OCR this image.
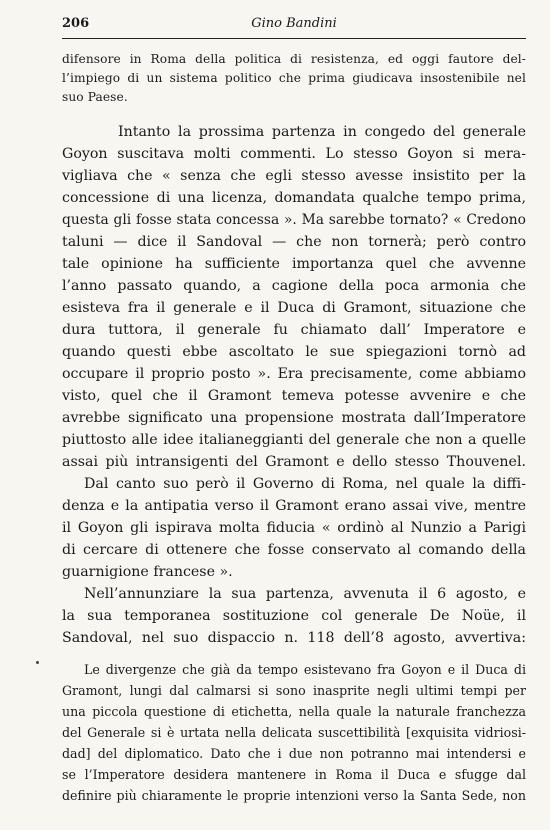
206	Gino Bandini
difensore in Roma della politica di resistenza, ed oggi fautore del-
l’impiego di un sistema politico che prima giudicava insostenibile nel
suo Paese.
Intanto la prossima partenza in congedo del generale
Goyon suscitava molti commenti. Lo stesso Goyon si mera-
vigliava che « senza che egli stesso avesse insistito per la
concessione di una licenza, domandata qualche tempo prima,
questa gli fosse stata concessa ». Ma sarebbe tornato? « Credono
taluni — dice il Sandoval — che non tornerà; però contro
tale opinione ha sufficiente importanza quel che avvenne
l’anno passato quando, a cagione della poca armonia che
esisteva fra il generale e il Duca di Gramont, situazione che
dura tuttora, il generale fu chiamato dall’ Imperatore e
quando questi ebbe ascoltato le sue spiegazioni tornò ad
occupare il proprio posto ». Era precisamente, come abbiamo
visto, quel che il Gramont temeva potesse avvenire e che
avrebbe significato una propensione mostrata dall’Imperatore
piuttosto alle idee italianeggianti del generale che non a quelle
assai più intransigenti del Gramont e dello stesso Thouvenel.
Dal canto suo però il Governo di Roma, nel quale la diffi-
denza e la antipatia verso il Gramont erano assai vive, mentre
il Goyon gli ispirava molta fiducia « ordinò al Nunzio a Parigi
di cercare di ottenere che fosse conservato al comando della
guarnigione francese ».
Nell’annunziare la sua partenza, avvenuta il 6 agosto, e
la sua temporanea sostituzione col generale De Noüe, il
Sandoval, nel suo dispaccio n. 118 dell’8 agosto, avvertiva:
Le divergenze che già da tempo esistevano fra Goyon e il Duca di
Gramont, lungi dal calmarsi si sono inasprite negli ultimi tempi per
una piccola questione di etichetta, nella quale la naturale franchezza
del Generale si è urtata nella delicata suscettibilità [exquisita vidriosi-
dad] del diplomatico. Dato che i due non potranno mai intendersi e
se l’Imperatore desidera mantenere in Roma il Duca e sfugge dal
definire più chiaramente le proprie intenzioni verso la Santa Sede, non
